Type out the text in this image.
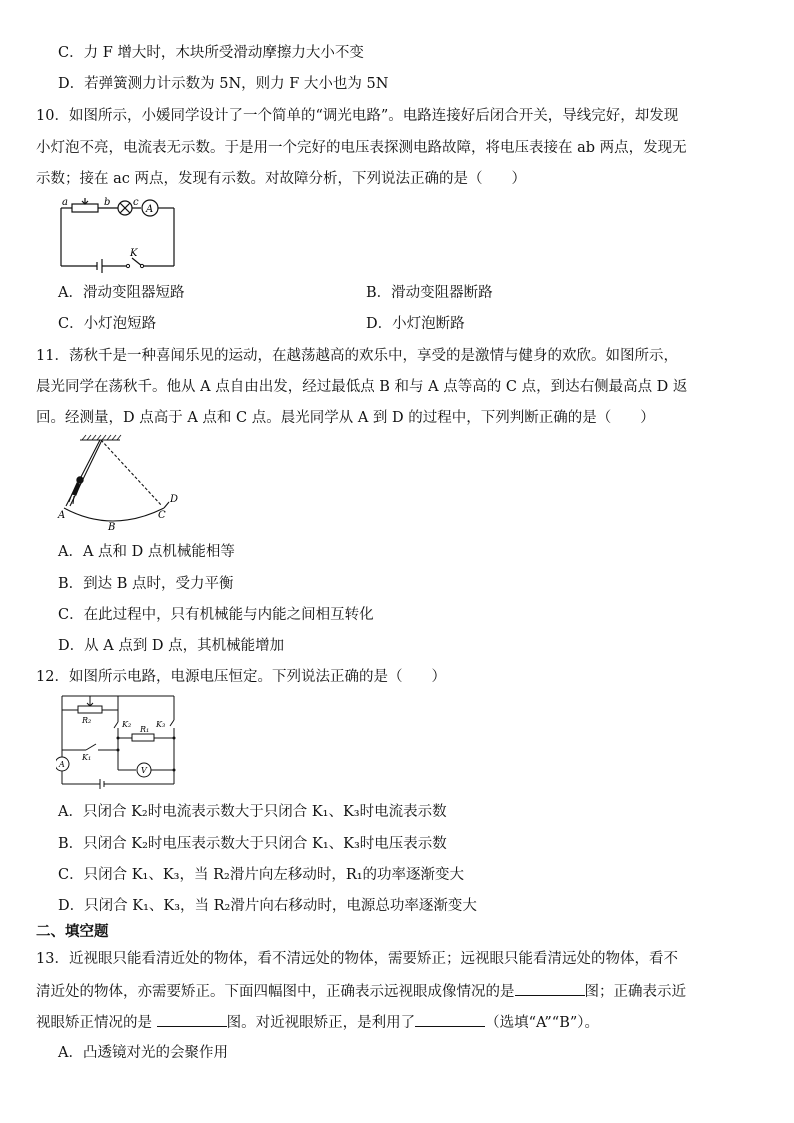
C．力 F 增大时，木块所受滑动摩擦力大小不变
D．若弹簧测力计示数为 5N，则力 F 大小也为 5N
10．如图所示，小媛同学设计了一个简单的“调光电路”。电路连接好后闭合开关，导线完好，却发现
小灯泡不亮，电流表无示数。于是用一个完好的电压表探测电路故障，将电压表接在 ab 两点，发现无
示数；接在 ac 两点，发现有示数。对故障分析，下列说法正确的是（　　）
a	b c
A
K
A．滑动变阻器短路	B．滑动变阻器断路
C．小灯泡短路	D．小灯泡断路
11．荡秋千是一种喜闻乐见的运动，在越荡越高的欢乐中，享受的是激情与健身的欢欣。如图所示，
晨光同学在荡秋千。他从 A 点自由出发，经过最低点 B 和与 A 点等高的 C 点，到达右侧最高点 D 返
回。经测量，D 点高于 A 点和 C 点。晨光同学从 A 到 D 的过程中，下列判断正确的是（　　）
A
B
C
D
A．A 点和 D 点机械能相等
B．到达 B 点时，受力平衡
C．在此过程中，只有机械能与内能之间相互转化
D．从 A 点到 D 点，其机械能增加
12．如图所示电路，电源电压恒定。下列说法正确的是（　　）
R₂
R₁
K₂	K₃
K₁
A
V
A．只闭合 K₂时电流表示数大于只闭合 K₁、K₃时电流表示数
B．只闭合 K₂时电压表示数大于只闭合 K₁、K₃时电压表示数
C．只闭合 K₁、K₃，当 R₂滑片向左移动时，R₁的功率逐渐变大
D．只闭合 K₁、K₃，当 R₂滑片向右移动时，电源总功率逐渐变大
二、填空题
13．近视眼只能看清近处的物体，看不清远处的物体，需要矫正；远视眼只能看清远处的物体，看不
清近处的物体，亦需要矫正。下面四幅图中，正确表示远视眼成像情况的是	图；正确表示近
视眼矫正情况的是	图。对近视眼矫正，是利用了	（选填“A”“B”）。
A．凸透镜对光的会聚作用
